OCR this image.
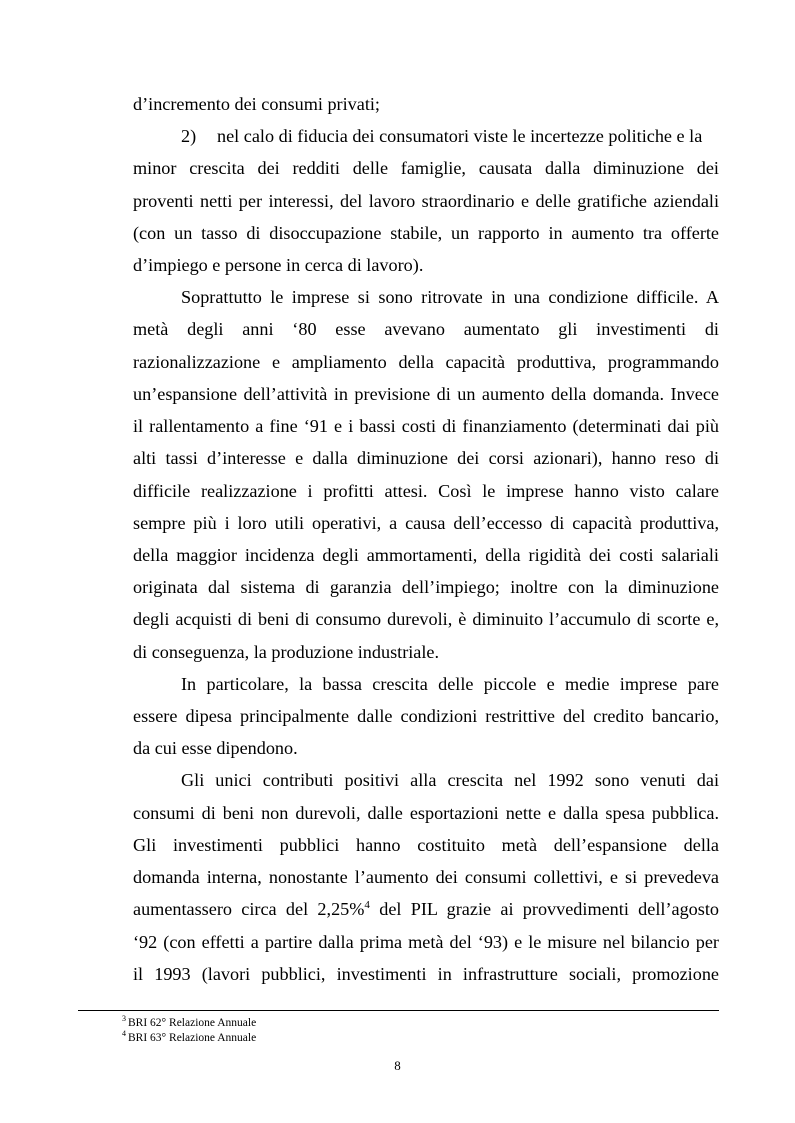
d’incremento dei consumi privati;
2) nel calo di fiducia dei consumatori viste le incertezze politiche e la
minor crescita dei redditi delle famiglie, causata dalla diminuzione dei
proventi netti per interessi, del lavoro straordinario e delle gratifiche aziendali
(con un tasso di disoccupazione stabile, un rapporto in aumento tra offerte
d’impiego e persone in cerca di lavoro).
Soprattutto le imprese si sono ritrovate in una condizione difficile. A
metà degli anni ‘80 esse avevano aumentato gli investimenti di
razionalizzazione e ampliamento della capacità produttiva, programmando
un’espansione dell’attività in previsione di un aumento della domanda. Invece
il rallentamento a fine ‘91 e i bassi costi di finanziamento (determinati dai più
alti tassi d’interesse e dalla diminuzione dei corsi azionari), hanno reso di
difficile realizzazione i profitti attesi. Così le imprese hanno visto calare
sempre più i loro utili operativi, a causa dell’eccesso di capacità produttiva,
della maggior incidenza degli ammortamenti, della rigidità dei costi salariali
originata dal sistema di garanzia dell’impiego; inoltre con la diminuzione
degli acquisti di beni di consumo durevoli, è diminuito l’accumulo di scorte e,
di conseguenza, la produzione industriale.
In particolare, la bassa crescita delle piccole e medie imprese pare
essere dipesa principalmente dalle condizioni restrittive del credito bancario,
da cui esse dipendono.
Gli unici contributi positivi alla crescita nel 1992 sono venuti dai
consumi di beni non durevoli, dalle esportazioni nette e dalla spesa pubblica.
Gli investimenti pubblici hanno costituito metà dell’espansione della
domanda interna, nonostante l’aumento dei consumi collettivi, e si prevedeva
aumentassero circa del 2,25%$^4$ del PIL grazie ai provvedimenti dell’agosto
‘92 (con effetti a partire dalla prima metà del ‘93) e le misure nel bilancio per
il 1993 (lavori pubblici, investimenti in infrastrutture sociali, promozione
$^3$ BRI 62° Relazione Annuale
$^4$ BRI 63° Relazione Annuale
8
